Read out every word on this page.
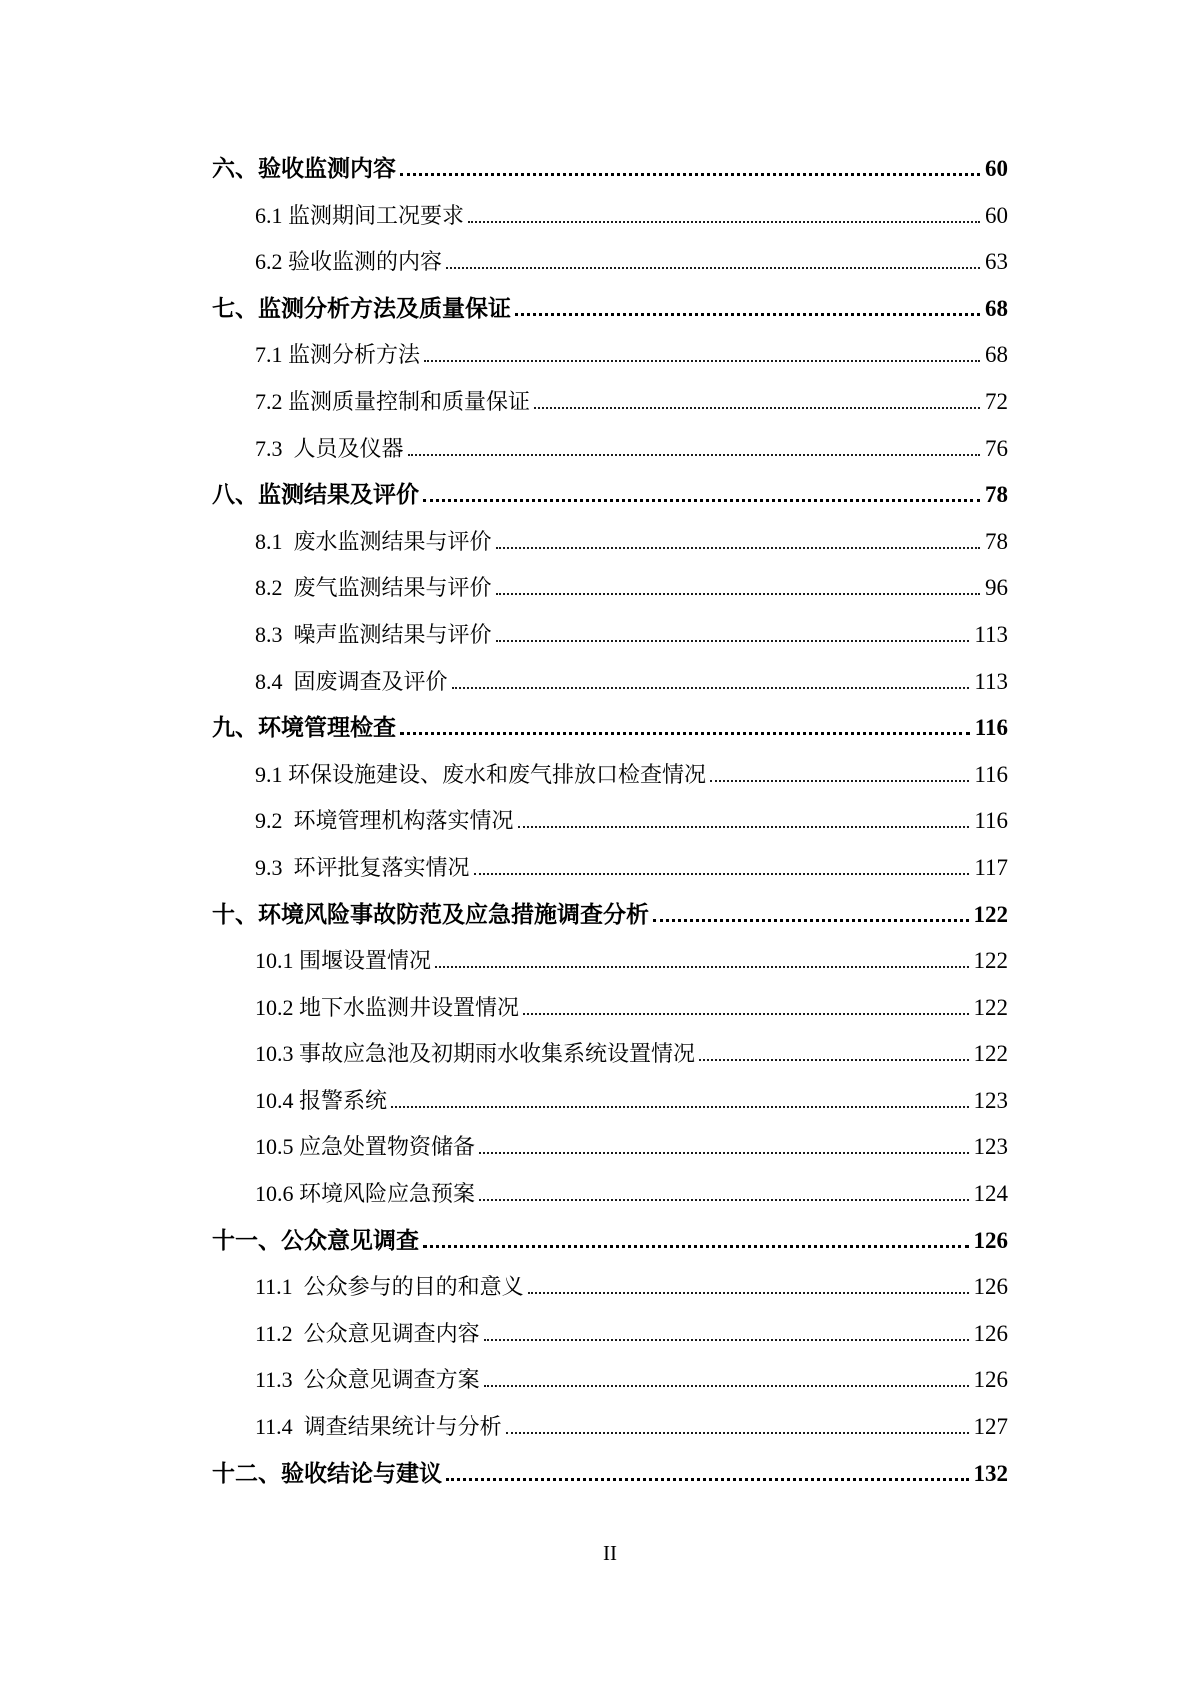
六、验收监测内容	60
6.1 监测期间工况要求	60
6.2 验收监测的内容	63
七、监测分析方法及质量保证	68
7.1 监测分析方法	68
7.2 监测质量控制和质量保证	72
7.3  人员及仪器	76
八、监测结果及评价	78
8.1  废水监测结果与评价	78
8.2  废气监测结果与评价	96
8.3  噪声监测结果与评价	113
8.4  固废调查及评价	113
九、环境管理检查	116
9.1 环保设施建设、废水和废气排放口检查情况	116
9.2  环境管理机构落实情况	116
9.3  环评批复落实情况	117
十、环境风险事故防范及应急措施调查分析	122
10.1 围堰设置情况	122
10.2 地下水监测井设置情况	122
10.3 事故应急池及初期雨水收集系统设置情况	122
10.4 报警系统	123
10.5 应急处置物资储备	123
10.6 环境风险应急预案	124
十一、公众意见调查	126
11.1  公众参与的目的和意义	126
11.2  公众意见调查内容	126
11.3  公众意见调查方案	126
11.4  调查结果统计与分析	127
十二、验收结论与建议	132
II
